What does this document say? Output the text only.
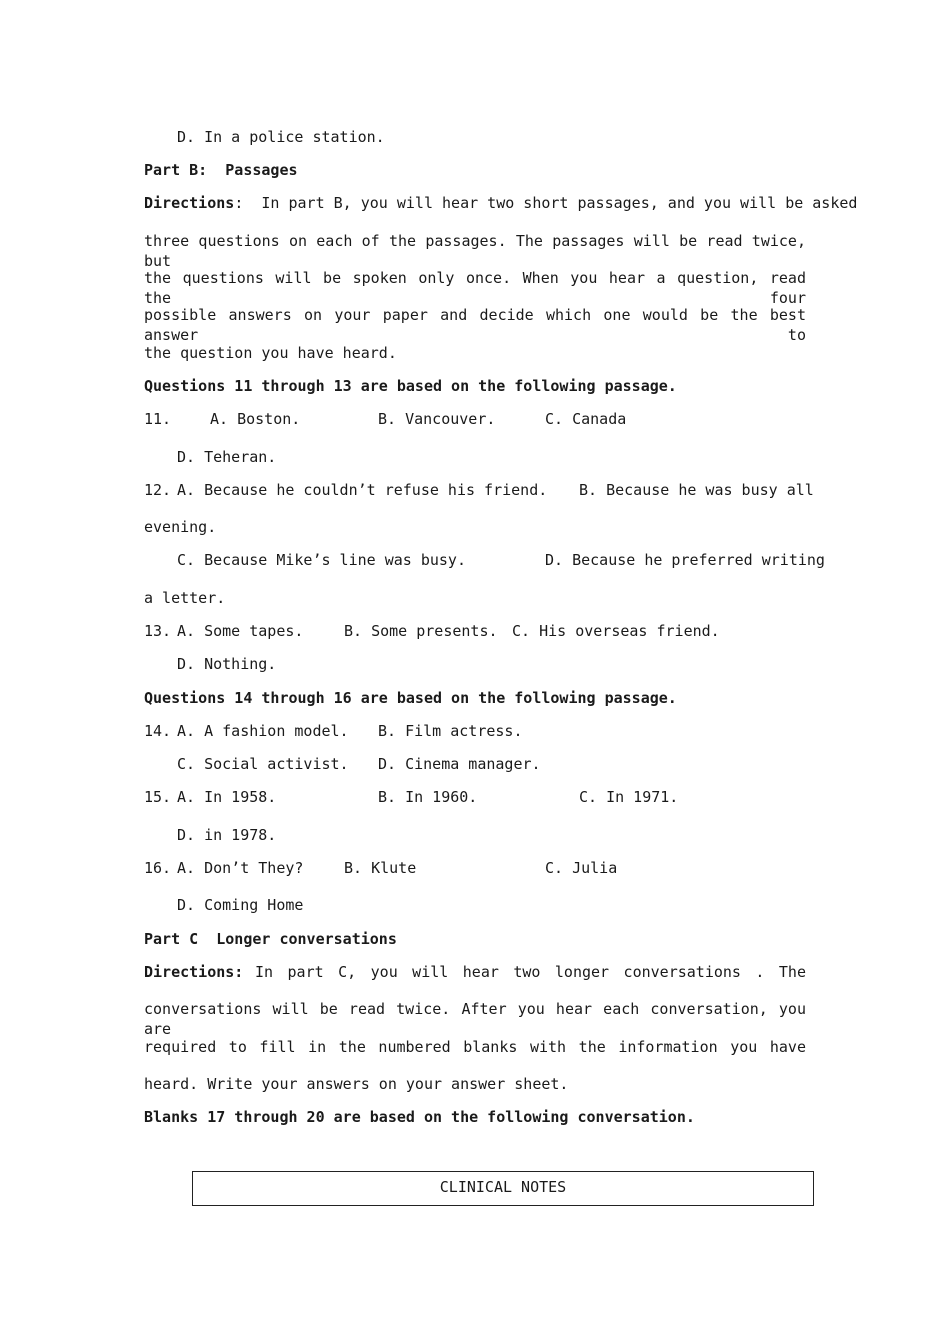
D. In a police station.
Part B:  Passages
Directions:  In part B, you will hear two short passages, and you will be asked
three questions on each of the passages. The passages will be read twice, but
the questions will be spoken only once. When you hear a question, read the four
possible answers on your paper and decide which one would be the best answer to
the question you have heard.
Questions 11 through 13 are based on the following passage.
11.	A. Boston.	B. Vancouver.	C. Canada
D. Teheran.
12. A. Because he couldn’t refuse his friend. B. Because he was busy all
evening.
C. Because Mike’s line was busy.	D. Because he preferred writing
a letter.
13. A. Some tapes.	B. Some presents. C. His overseas friend.
D. Nothing.
Questions 14 through 16 are based on the following passage.
14. A. A fashion model. B. Film actress.
C. Social activist. D. Cinema manager.
15. A. In 1958.	B. In 1960.	C. In 1971.
D. in 1978.
16. A. Don’t They?	B. Klute	C. Julia
D. Coming Home
Part C  Longer conversations
Directions: In part C, you will hear two longer conversations . The
conversations will be read twice. After you hear each conversation, you are
required to fill in the numbered blanks with the information you have
heard. Write your answers on your answer sheet.
Blanks 17 through 20 are based on the following conversation.
CLINICAL NOTES
